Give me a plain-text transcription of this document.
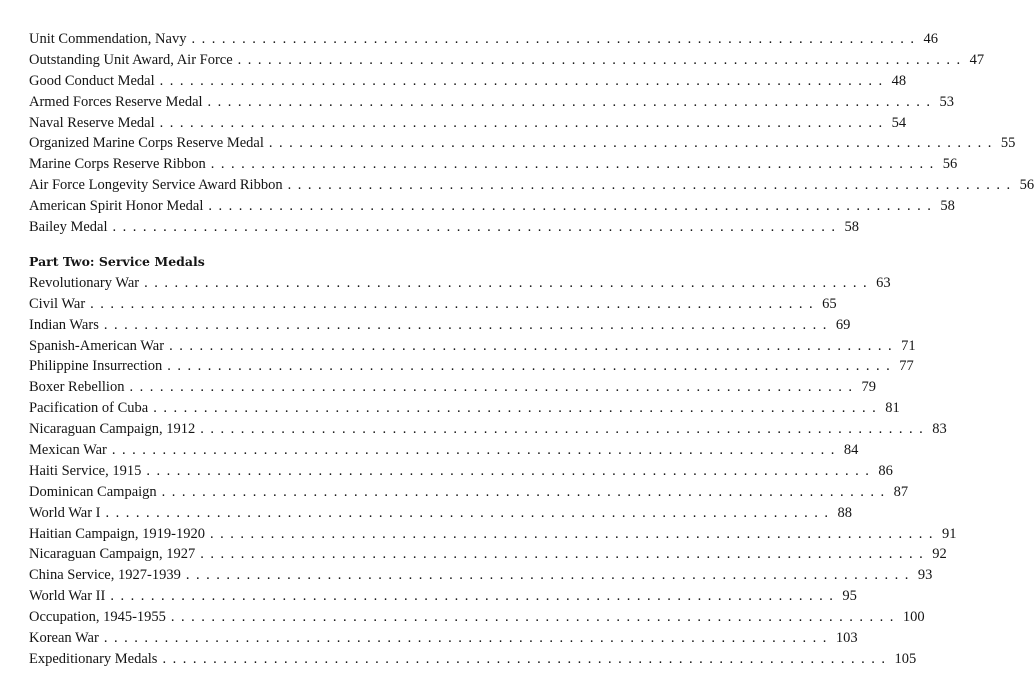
Unit Commendation, Navy ........................................................................ 46
Outstanding Unit Award, Air Force ........................................................................ 47
Good Conduct Medal ........................................................................ 48
Armed Forces Reserve Medal ........................................................................ 53
Naval Reserve Medal ........................................................................ 54
Organized Marine Corps Reserve Medal ........................................................................ 55
Marine Corps Reserve Ribbon ........................................................................ 56
Air Force Longevity Service Award Ribbon ........................................................................ 56
American Spirit Honor Medal ........................................................................ 58
Bailey Medal ........................................................................ 58
Part Two: Service Medals
Revolutionary War ........................................................................ 63
Civil War ........................................................................ 65
Indian Wars ........................................................................ 69
Spanish-American War ........................................................................ 71
Philippine Insurrection ........................................................................ 77
Boxer Rebellion ........................................................................ 79
Pacification of Cuba ........................................................................ 81
Nicaraguan Campaign, 1912 ........................................................................ 83
Mexican War ........................................................................ 84
Haiti Service, 1915 ........................................................................ 86
Dominican Campaign ........................................................................ 87
World War I ........................................................................ 88
Haitian Campaign, 1919-1920 ........................................................................ 91
Nicaraguan Campaign, 1927 ........................................................................ 92
China Service, 1927-1939 ........................................................................ 93
World War II ........................................................................ 95
Occupation, 1945-1955 ........................................................................ 100
Korean War ........................................................................ 103
Expeditionary Medals ........................................................................ 105
